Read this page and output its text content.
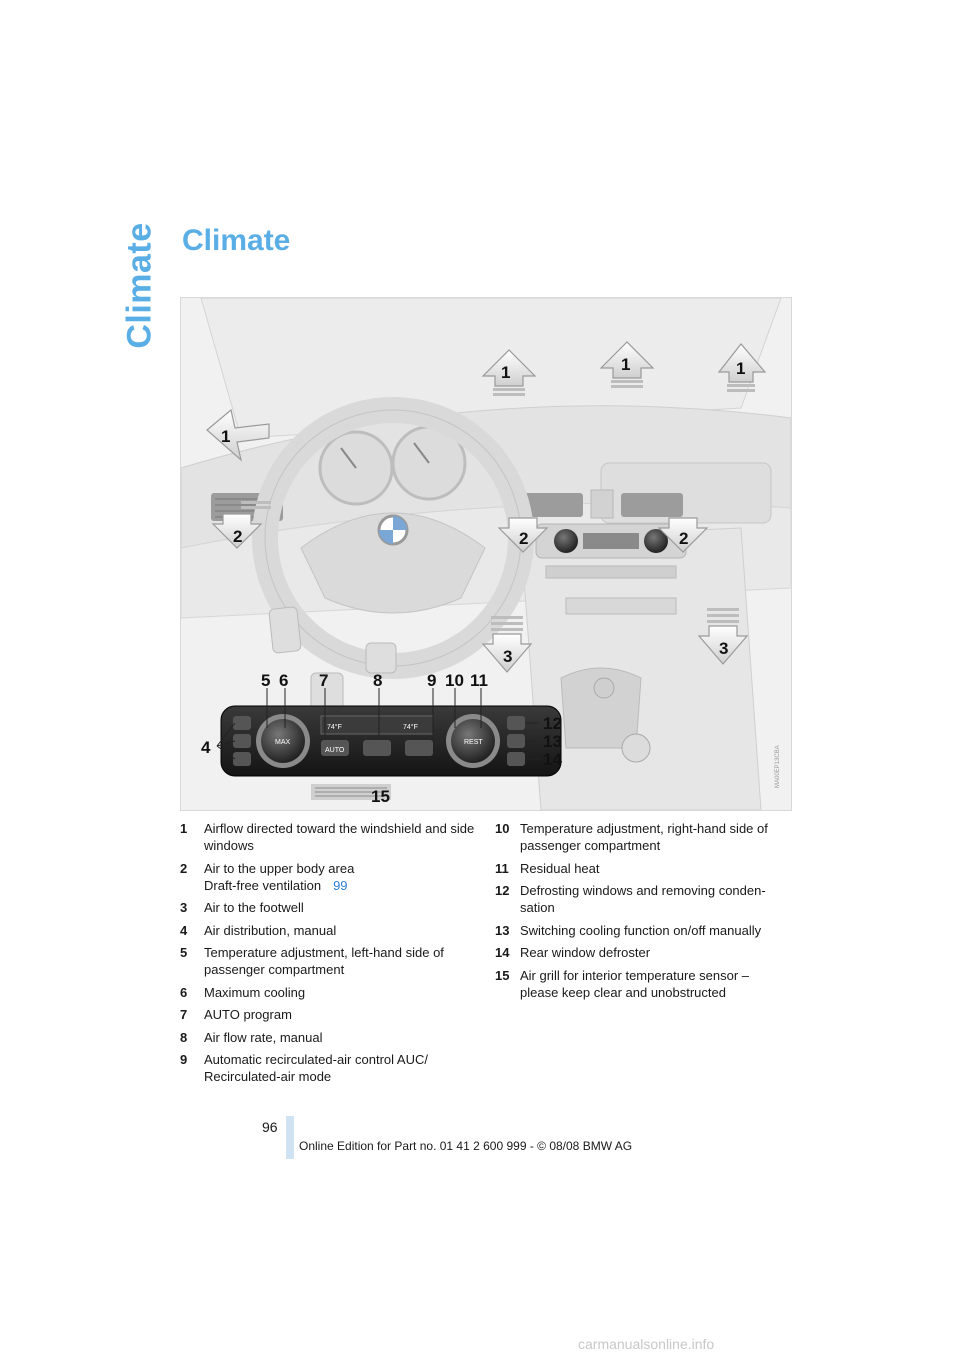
Climate Climate
74°F	74°F
AUTO
MAX	REST
1	1	1
1
2	2	2
3	3
4
5 6 7	8	9 10 11
12
13
14
15
MA00EP13CBA
1	Airflow directed toward the windshield and side windows
2	Air to the upper body area
Draft-free ventilation 99
3	Air to the footwell
4	Air distribution, manual
5	Temperature adjustment, left-hand side of passenger compartment
6	Maximum cooling
7	AUTO program
8	Air flow rate, manual
9	Automatic recirculated-air control AUC/ Recirculated-air mode
10 Temperature adjustment, right-hand side of passenger compartment
11 Residual heat
12 Defrosting windows and removing conden- sation
13 Switching cooling function on/off manually
14 Rear window defroster
15 Air grill for interior temperature sensor – please keep clear and unobstructed
96
Online Edition for Part no. 01 41 2 600 999 - © 08/08 BMW AG
carmanualsonline.info
